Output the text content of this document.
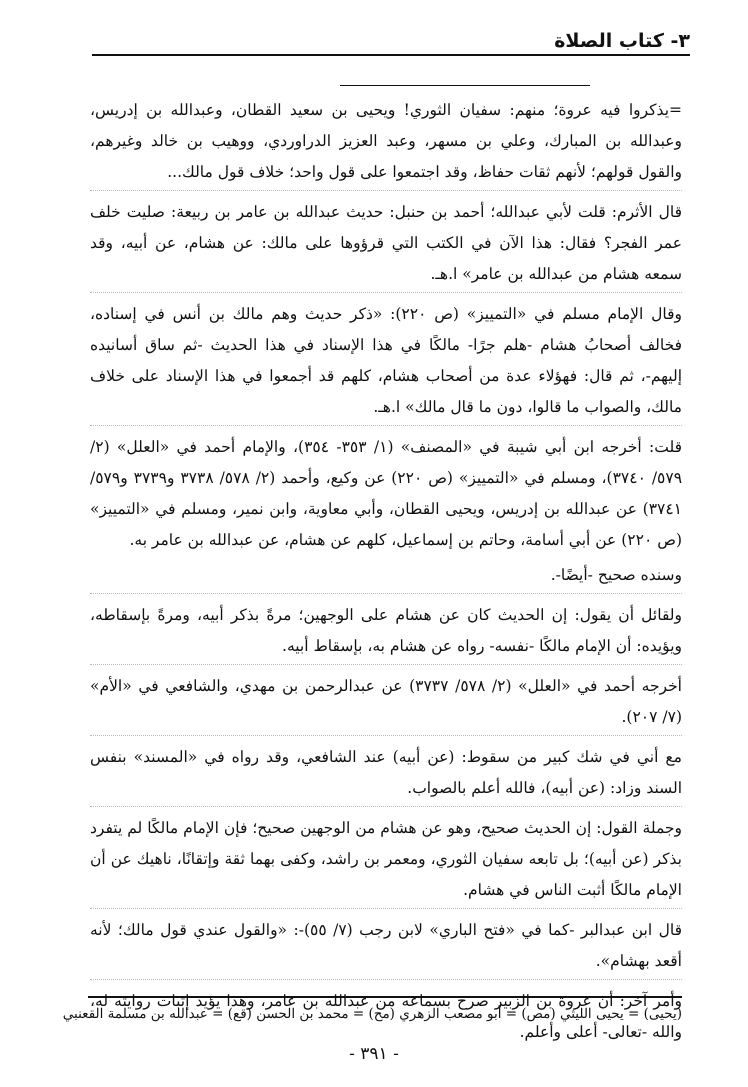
٣- كتاب الصلاة

=يذكروا فيه عروة؛ منهم: سفيان الثوري! ويحيى بن سعيد القطان، وعبدالله بن إدريس، وعبدالله بن المبارك، وعلي بن مسهر، وعبد العزيز الدراوردي، ووهيب بن خالد وغيرهم، والقول قولهم؛ لأنهم ثقات حفاظ، وقد اجتمعوا على قول واحد؛ خلاف قول مالك...

قال الأثرم: قلت لأبي عبدالله؛ أحمد بن حنبل: حديث عبدالله بن عامر بن ربيعة: صليت خلف عمر الفجر؟ فقال: هذا الآن في الكتب التي قرؤوها على مالك: عن هشام، عن أبيه، وقد سمعه هشام من عبدالله بن عامر» ا.هـ.

وقال الإمام مسلم في «التمييز» (ص ٢٢٠): «ذكر حديث وهم مالك بن أنس في إسناده، فخالف أصحابُ هشام -هلم جرًا- مالكًا في هذا الإسناد في هذا الحديث -ثم ساق أسانيده إليهم-، ثم قال: فهؤلاء عدة من أصحاب هشام، كلهم قد أجمعوا في هذا الإسناد على خلاف مالك، والصواب ما قالوا، دون ما قال مالك» ا.هـ.

قلت: أخرجه ابن أبي شيبة في «المصنف» (١/ ٣٥٣- ٣٥٤)، والإمام أحمد في «العلل» (٢/ ٥٧٩/ ٣٧٤٠)، ومسلم في «التمييز» (ص ٢٢٠) عن وكيع، وأحمد (٢/ ٥٧٨/ ٣٧٣٨ و٣٧٣٩ و٥٧٩/ ٣٧٤١) عن عبدالله بن إدريس، ويحيى القطان، وأبي معاوية، وابن نمير، ومسلم في «التمييز» (ص ٢٢٠) عن أبي أسامة، وحاتم بن إسماعيل، كلهم عن هشام، عن عبدالله بن عامر به.

وسنده صحيح -أيضًا-.

ولقائل أن يقول: إن الحديث كان عن هشام على الوجهين؛ مرةً بذكر أبيه، ومرةً بإسقاطه، ويؤيده: أن الإمام مالكًا -نفسه- رواه عن هشام به، بإسقاط أبيه.

أخرجه أحمد في «العلل» (٢/ ٥٧٨/ ٣٧٣٧) عن عبدالرحمن بن مهدي، والشافعي في «الأم» (٧/ ٢٠٧).

مع أني في شك كبير من سقوط: (عن أبيه) عند الشافعي، وقد رواه في «المسند» بنفس السند وزاد: (عن أبيه)، فالله أعلم بالصواب.

وجملة القول: إن الحديث صحيح، وهو عن هشام من الوجهين صحيح؛ فإن الإمام مالكًا لم يتفرد بذكر (عن أبيه)؛ بل تابعه سفيان الثوري، ومعمر بن راشد، وكفى بهما ثقة وإتقانًا، ناهيك عن أن الإمام مالكًا أثبت الناس في هشام.

قال ابن عبدالبر -كما في «فتح الباري» لابن رجب (٧/ ٥٥)-: «والقول عندي قول مالك؛ لأنه أقعد بهشام».

وأمر آخر: أن عروة بن الزبير صرح بسماعه من عبدالله بن عامر، وهذا يؤيد إثبات روايته له، والله -تعالى- أعلى وأعلم.

(يحيى) = يحيى الليثي (مص) = أبو مصعب الزهري (مح) = محمد بن الحسن (قع) = عبدالله بن مسلمة القعنبي
- ٣٩١ -
